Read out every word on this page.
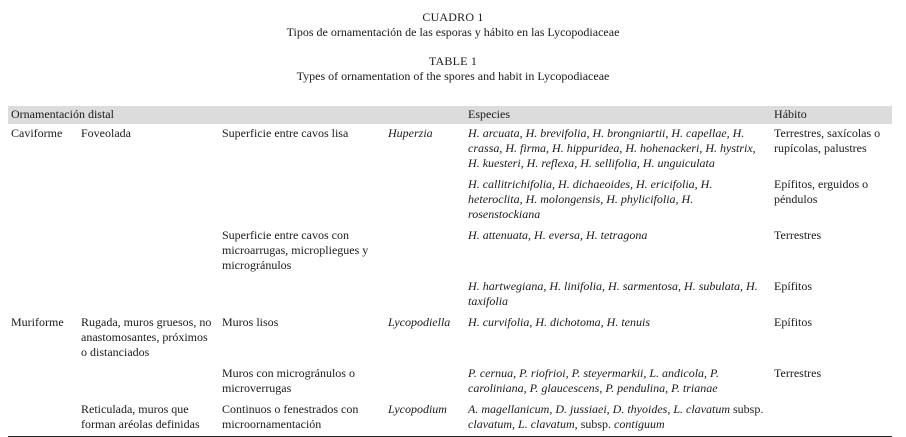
CUADRO 1

Tipos de ornamentación de las esporas y hábito en las Lycopodiaceae

TABLE 1

Types of ornamentation of the spores and habit in Lycopodiaceae

Ornamentación distal				Especies	Hábito
Caviforme	Foveolada	Superficie entre cavos lisa	Huperzia	H. arcuata, H. brevifolia, H. brongniartii, H. capellae, H. crassa, H. firma, H. hippuridea, H. hohenackeri, H. hystrix, H. kuesteri, H. reflexa, H. sellifolia, H. unguiculata	Terrestres, saxícolas o rupícolas, palustres
				H. callitrichifolia, H. dichaeoides, H. ericifolia, H. heteroclita, H. molongensis, H. phylicifolia, H. rosenstockiana	Epífitos, erguidos o péndulos
		Superficie entre cavos con microarrugas, micropliegues y microgránulos		H. attenuata, H. eversa, H. tetragona	Terrestres
				H. hartwegiana, H. linifolia, H. sarmentosa, H. subulata, H. taxifolia	Epífitos
Muriforme	Rugada, muros gruesos, no anastomosantes, próximos o distanciados	Muros lisos	Lycopodiella	H. curvifolia, H. dichotoma, H. tenuis	Epífitos
		Muros con microgránulos o microverrugas		P. cernua, P. riofrioi, P. steyermarkii, L. andicola, P. caroliniana, P. glaucescens, P. pendulina, P. trianae	Terrestres
	Reticulada, muros que forman aréolas definidas	Continuos o fenestrados con microornamentación	Lycopodium	A. magellanicum, D. jussiaei, D. thyoides, L. clavatum subsp. clavatum, L. clavatum, subsp. contiguum	
